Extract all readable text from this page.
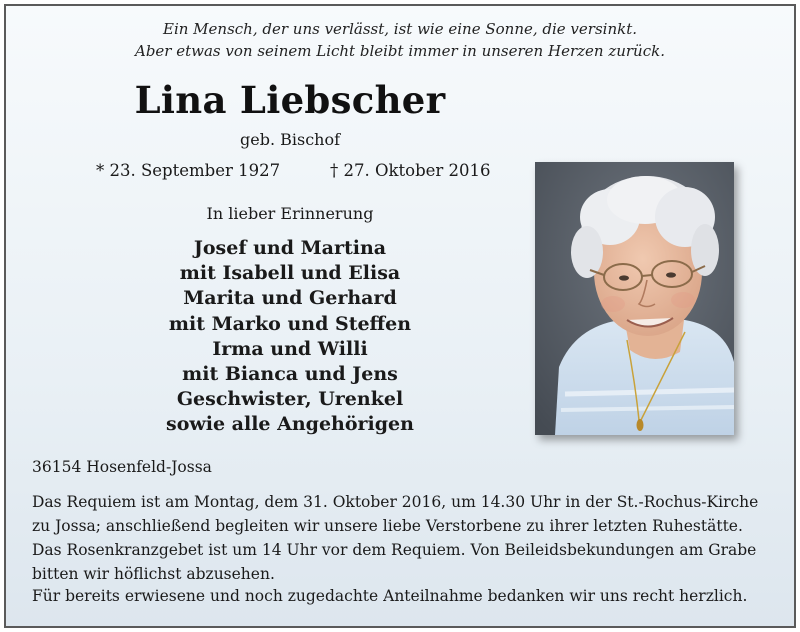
Ein Mensch, der uns verlässt, ist wie eine Sonne, die versinkt.
Aber etwas von seinem Licht bleibt immer in unseren Herzen zurück.
Lina Liebscher
geb. Bischof
* 23. September 1927	† 27. Oktober 2016
In lieber Erinnerung
Josef und Martina
mit Isabell und Elisa
Marita und Gerhard
mit Marko und Steffen
Irma und Willi
mit Bianca und Jens
Geschwister, Urenkel
sowie alle Angehörigen
36154 Hosenfeld-Jossa
Das Requiem ist am Montag, dem 31. Oktober 2016, um 14.30 Uhr in der St.-Rochus-Kirche
zu Jossa; anschließend begleiten wir unsere liebe Verstorbene zu ihrer letzten Ruhestätte.
Das Rosenkranzgebet ist um 14 Uhr vor dem Requiem. Von Beileidsbekundungen am Grabe
bitten wir höflichst abzusehen.
Für bereits erwiesene und noch zugedachte Anteilnahme bedanken wir uns recht herzlich.
